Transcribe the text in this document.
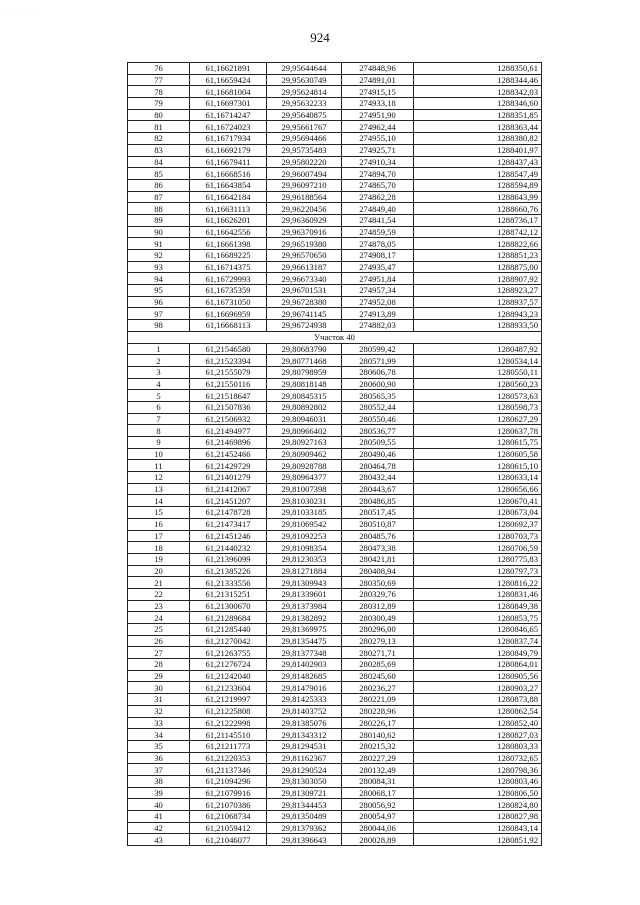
· · · · ·
924
76	61,16621891	29,95644644	274848,96	1288350,61
77	61,16659424	29,95630749	274891,01	1288344,46
78	61,16681004	29,95624814	274915,15	1288342,03
79	61,16697301	29,95632233	274933,18	1288346,60
80	61,16714247	29,95640875	274951,90	1288351,85
81	61,16724023	29,95661767	274962,44	1288363,44
82	61,16717934	29,95694466	274955,10	1288380,82
83	61,16692179	29,95735483	274925,71	1288401,97
84	61,16679411	29,95802220	274910,34	1288437,43
85	61,16668516	29,96007494	274894,70	1288547,49
86	61,16643854	29,96097210	274865,70	1288594,89
87	61,16642184	29,96188564	274862,28	1288643,99
88	61,16631113	29,96220456	274849,40	1288660,76
89	61,16626201	29,96360929	274841,54	1288736,17
90	61,16642556	29,96370916	274859,59	1288742,12
91	61,16661398	29,96519380	274878,05	1288822,66
92	61,16689225	29,96570650	274908,17	1288851,23
93	61,16714375	29,96613187	274935,47	1288875,00
94	61,16729993	29,96673340	274951,84	1288907,92
95	61,16735359	29,96701531	274957,34	1288923,27
96	61,16731050	29,96728380	274952,08	1288937,57
97	61,16696959	29,96741145	274913,89	1288943,23
98	61,16668113	29,96724938	274882,03	1288933,50
Участок 40				
1	61,21546580	29,80683790	280599,42	1280487,92
2	61,21523394	29,80771468	280571,99	1280534,14
3	61,21555079	29,80798959	280606,78	1280550,11
4	61,21550116	29,80818148	280600,90	1280560,23
5	61,21518647	29,80845315	280565,35	1280573,63
6	61,21507836	29,80892802	280552,44	1280598,73
7	61,21506932	29,80946031	280550,46	1280627,29
8	61,21494977	29,80966402	280536,77	1280637,78
9	61,21469896	29,80927163	280509,55	1280615,75
10	61,21452466	29,80909462	280490,46	1280605,58
11	61,21429729	29,80928788	280464,78	1280615,10
12	61,21401279	29,80964377	280432,44	1280633,14
13	61,21412067	29,81007398	280443,67	1280656,66
14	61,21451207	29,81030231	280486,85	1280670,41
15	61,21478728	29,81033185	280517,45	1280673,04
16	61,21473417	29,81069542	280510,87	1280692,37
17	61,21451246	29,81092253	280485,76	1280703,73
18	61,21440232	29,81098354	280473,38	1280706,59
19	61,21396099	29,81230353	280421,81	1280775,83
20	61,21385226	29,81271884	280408,94	1280797,73
21	61,21333556	29,81309943	280350,69	1280816,22
22	61,21315251	29,81339601	280329,76	1280831,46
23	61,21300670	29,81373984	280312,89	1280849,38
24	61,21289684	29,81382892	280300,49	1280853,75
25	61,21285440	29,81369975	280296,00	1280846,65
26	61,21270042	29,81354475	280279,13	1280837,74
27	61,21263755	29,81377348	280271,71	1280849,79
28	61,21276724	29,81402903	280285,69	1280864,01
29	61,21242040	29,81482685	280245,60	1280905,56
30	61,21233604	29,81479016	280236,27	1280903,27
31	61,21219997	29,81425333	280221,09	1280873,88
32	61,21225808	29,81403752	280228,96	1280862,54
33	61,21222998	29,81385076	280226,17	1280852,40
34	61,21145510	29,81343312	280140,62	1280827,03
35	61,21211773	29,81294531	280215,32	1280803,33
36	61,21220353	29,81162367	280227,29	1280732,65
37	61,21137346	29,81290524	280132,49	1280798,36
38	61,21094296	29,81303050	280084,31	1280803,46
39	61,21079916	29,81309721	280068,17	1280806,50
40	61,21070386	29,81344453	280056,92	1280824,80
41	61,21068734	29,81350489	280054,97	1280827,98
42	61,21059412	29,81379362	280044,06	1280843,14
43	61,21046077	29,81396643	280028,89	1280851,92
